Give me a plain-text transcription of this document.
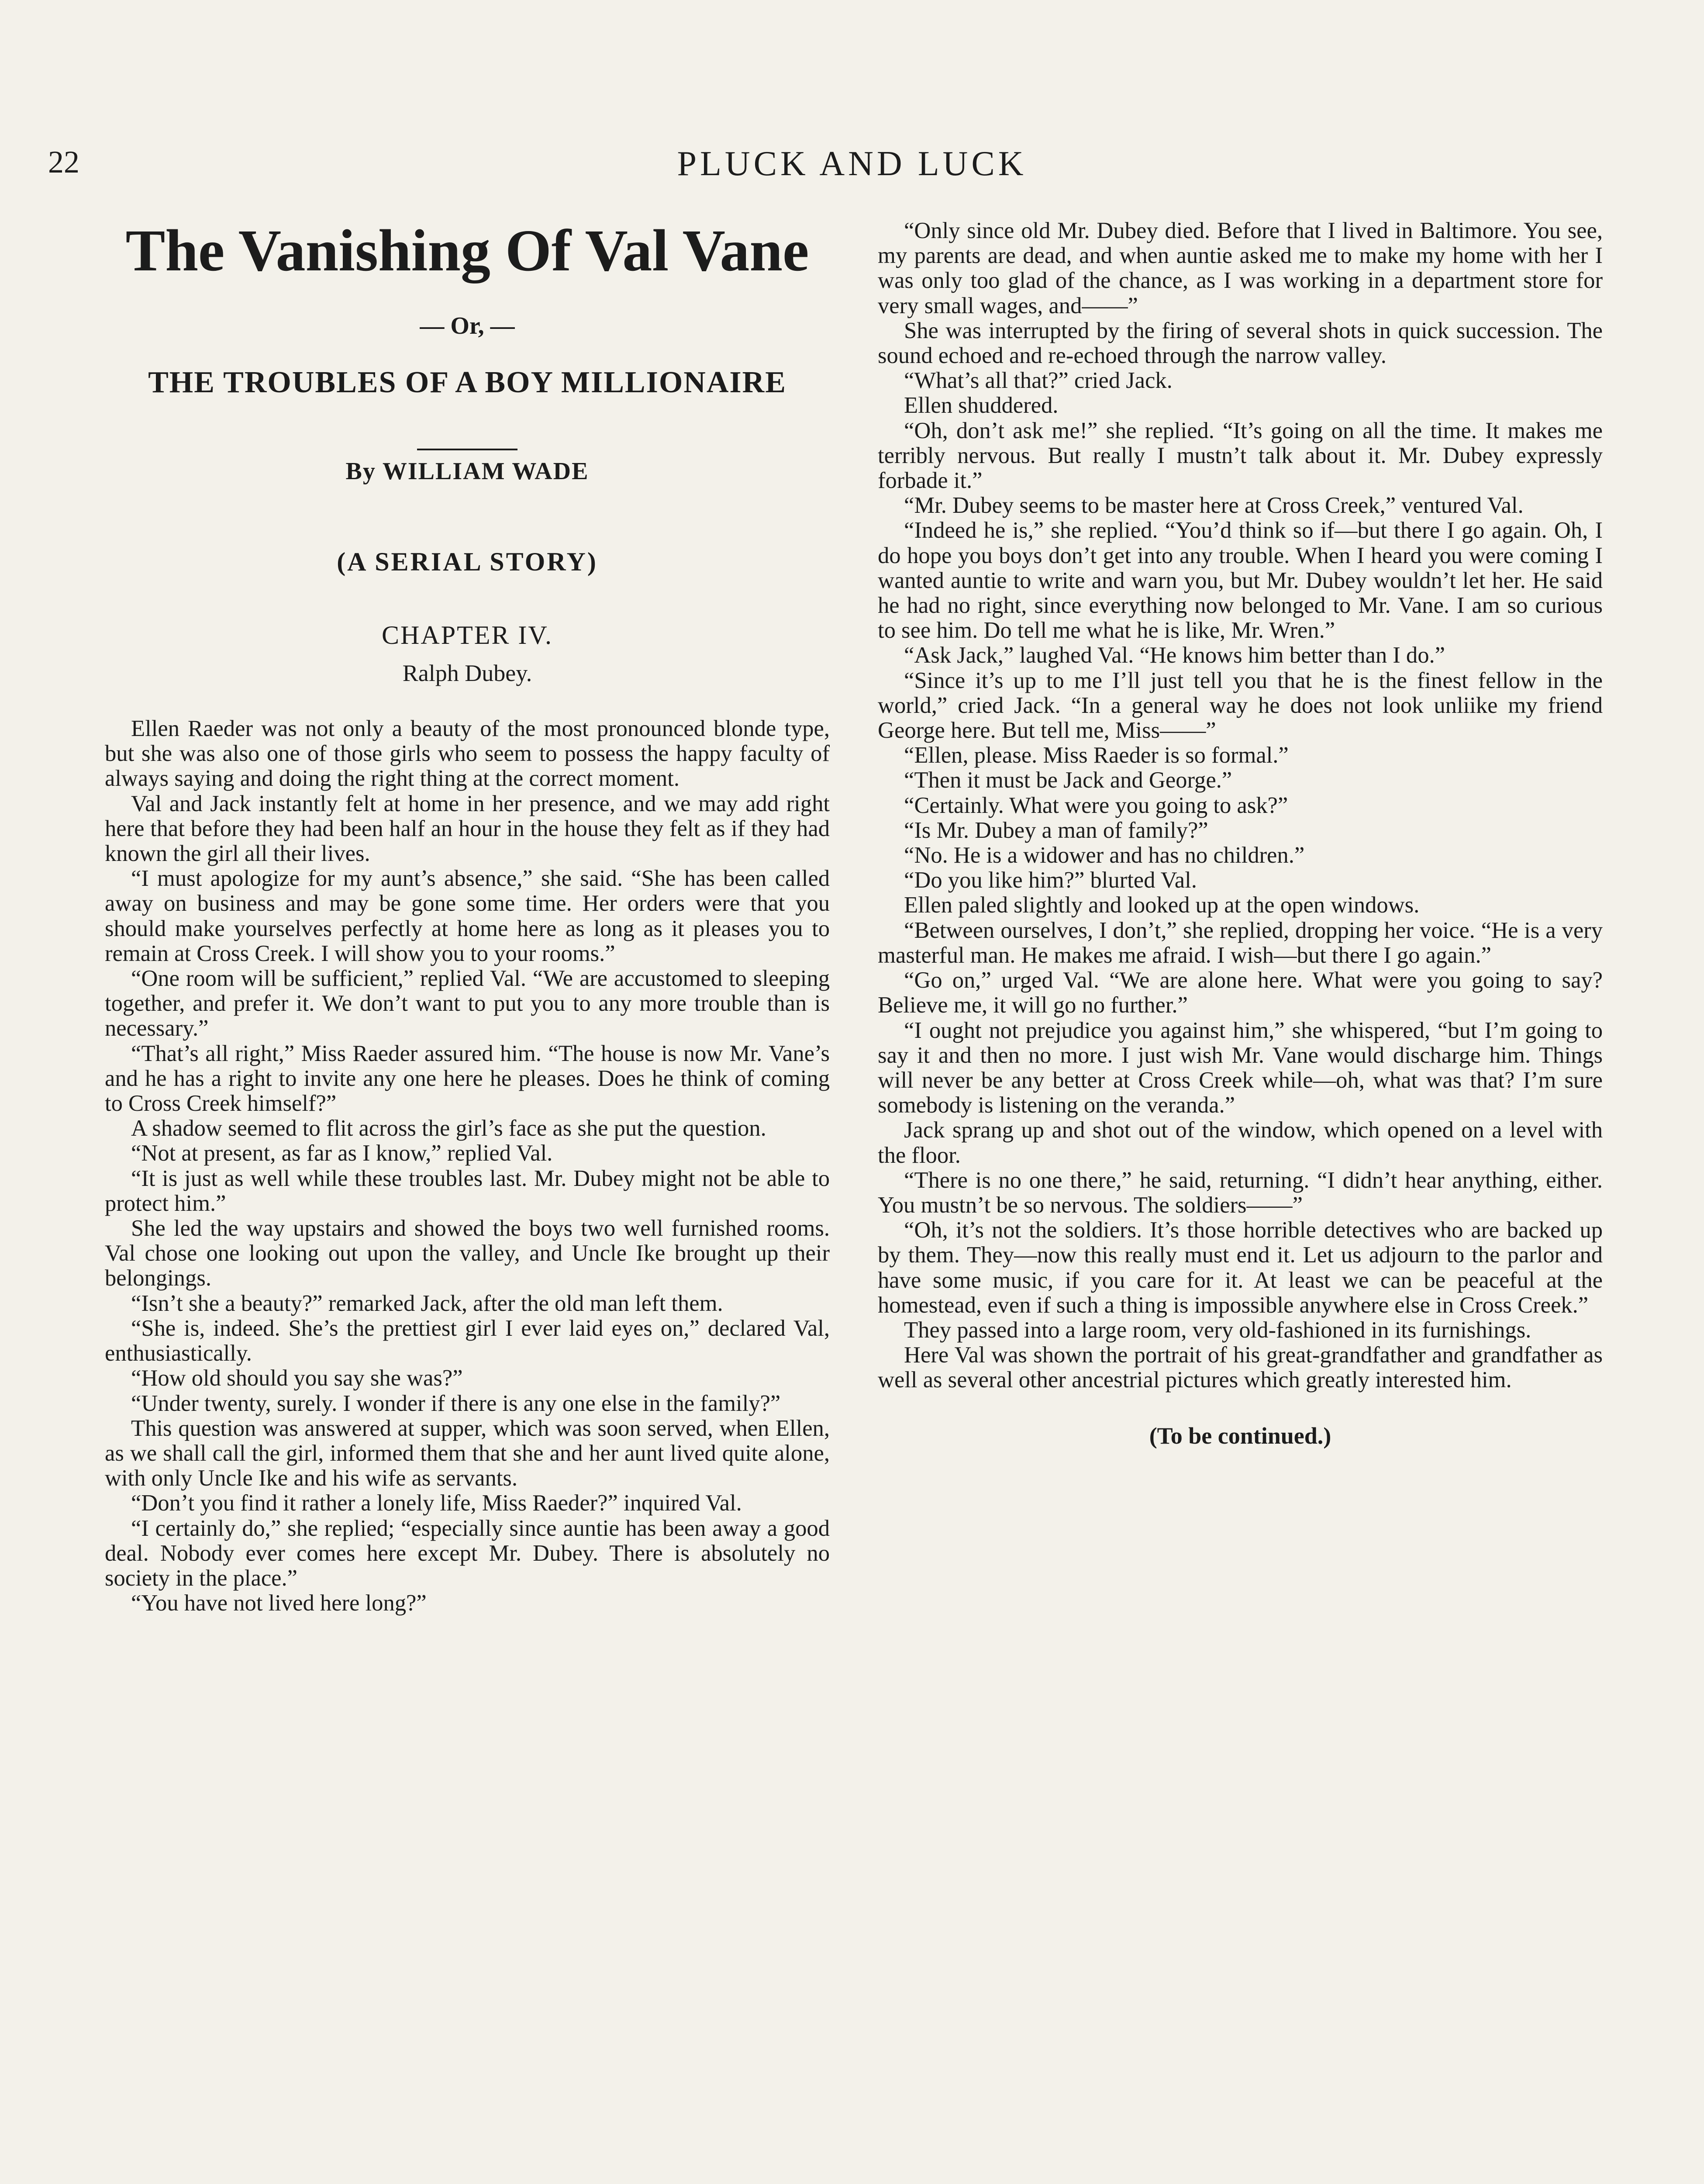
22	PLUCK AND LUCK
The Vanishing Of Val Vane
— Or, —
THE TROUBLES OF A BOY MILLIONAIRE
By WILLIAM WADE
(A SERIAL STORY)
CHAPTER IV.
Ralph Dubey.

Ellen Raeder was not only a beauty of the most pronounced blonde type, but she was also one of those girls who seem to possess the happy faculty of always saying and doing the right thing at the correct moment.

Val and Jack instantly felt at home in her presence, and we may add right here that before they had been half an hour in the house they felt as if they had known the girl all their lives.

“I must apologize for my aunt’s absence,” she said. “She has been called away on business and may be gone some time. Her orders were that you should make yourselves perfectly at home here as long as it pleases you to remain at Cross Creek. I will show you to your rooms.”

“One room will be sufficient,” replied Val. “We are accustomed to sleeping together, and prefer it. We don’t want to put you to any more trouble than is necessary.”

“That’s all right,” Miss Raeder assured him. “The house is now Mr. Vane’s and he has a right to invite any one here he pleases. Does he think of coming to Cross Creek himself?”

A shadow seemed to flit across the girl’s face as she put the question.

“Not at present, as far as I know,” replied Val.

“It is just as well while these troubles last. Mr. Dubey might not be able to protect him.”

She led the way upstairs and showed the boys two well furnished rooms. Val chose one looking out upon the valley, and Uncle Ike brought up their belongings.

“Isn’t she a beauty?” remarked Jack, after the old man left them.

“She is, indeed. She’s the prettiest girl I ever laid eyes on,” declared Val, enthusiastically.

“How old should you say she was?”

“Under twenty, surely. I wonder if there is any one else in the family?”

This question was answered at supper, which was soon served, when Ellen, as we shall call the girl, informed them that she and her aunt lived quite alone, with only Uncle Ike and his wife as servants.

“Don’t you find it rather a lonely life, Miss Raeder?” inquired Val.

“I certainly do,” she replied; “especially since auntie has been away a good deal. Nobody ever comes here except Mr. Dubey. There is absolutely no society in the place.”

“You have not lived here long?”

“Only since old Mr. Dubey died. Before that I lived in Baltimore. You see, my parents are dead, and when auntie asked me to make my home with her I was only too glad of the chance, as I was working in a department store for very small wages, and——”

She was interrupted by the firing of several shots in quick succession. The sound echoed and re-echoed through the narrow valley.

“What’s all that?” cried Jack.

Ellen shuddered.

“Oh, don’t ask me!” she replied. “It’s going on all the time. It makes me terribly nervous. But really I mustn’t talk about it. Mr. Dubey expressly forbade it.”

“Mr. Dubey seems to be master here at Cross Creek,” ventured Val.

“Indeed he is,” she replied. “You’d think so if—but there I go again. Oh, I do hope you boys don’t get into any trouble. When I heard you were coming I wanted auntie to write and warn you, but Mr. Dubey wouldn’t let her. He said he had no right, since everything now belonged to Mr. Vane. I am so curious to see him. Do tell me what he is like, Mr. Wren.”

“Ask Jack,” laughed Val. “He knows him better than I do.”

“Since it’s up to me I’ll just tell you that he is the finest fellow in the world,” cried Jack. “In a general way he does not look unliike my friend George here. But tell me, Miss——”

“Ellen, please. Miss Raeder is so formal.”

“Then it must be Jack and George.”

“Certainly. What were you going to ask?”

“Is Mr. Dubey a man of family?”

“No. He is a widower and has no children.”

“Do you like him?” blurted Val.

Ellen paled slightly and looked up at the open windows.

“Between ourselves, I don’t,” she replied, dropping her voice. “He is a very masterful man. He makes me afraid. I wish—but there I go again.”

“Go on,” urged Val. “We are alone here. What were you going to say? Believe me, it will go no further.”

“I ought not prejudice you against him,” she whispered, “but I’m going to say it and then no more. I just wish Mr. Vane would discharge him. Things will never be any better at Cross Creek while—oh, what was that? I’m sure somebody is listening on the veranda.”

Jack sprang up and shot out of the window, which opened on a level with the floor.

“There is no one there,” he said, returning. “I didn’t hear anything, either. You mustn’t be so nervous. The soldiers——”

“Oh, it’s not the soldiers. It’s those horrible detectives who are backed up by them. They—now this really must end it. Let us adjourn to the parlor and have some music, if you care for it. At least we can be peaceful at the homestead, even if such a thing is impossible anywhere else in Cross Creek.”

They passed into a large room, very old-fashioned in its furnishings.

Here Val was shown the portrait of his great-grandfather and grandfather as well as several other ancestrial pictures which greatly interested him.

(To be continued.)
